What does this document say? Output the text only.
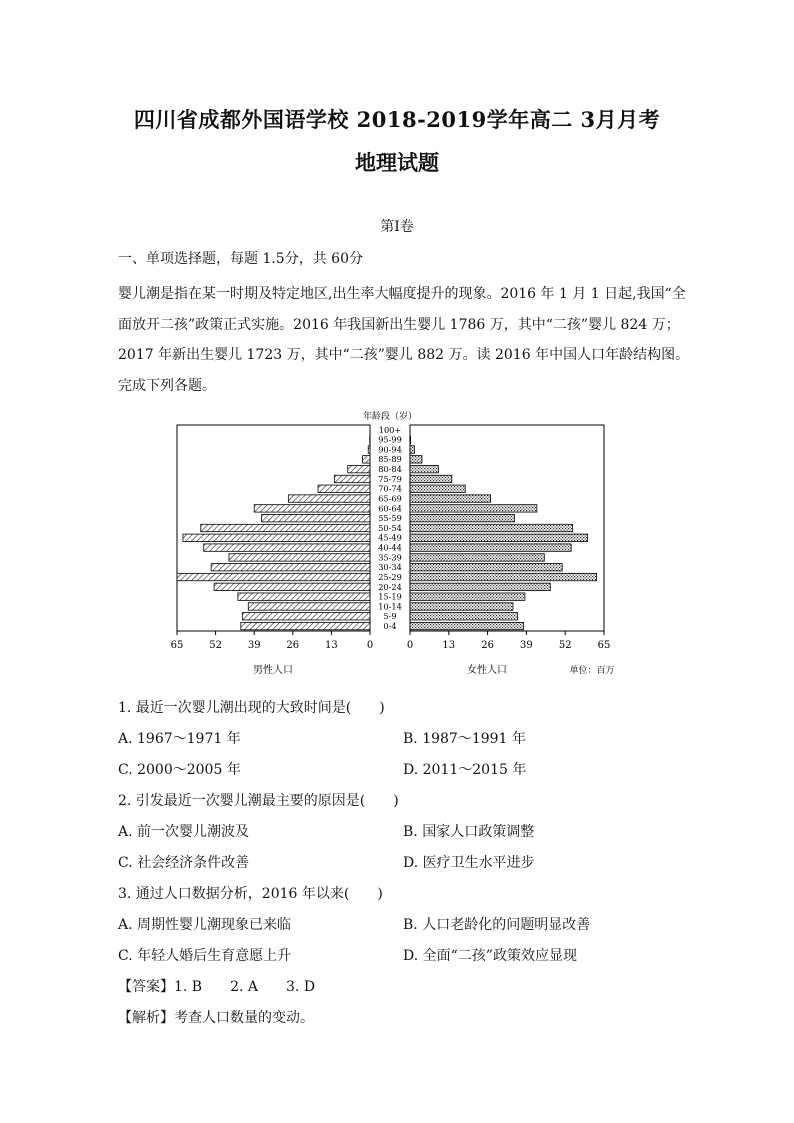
四川省成都外国语学校 2018-2019学年高二 3月月考
地理试题
第I卷
一、单项选择题，每题 1.5分，共 60分
婴儿潮是指在某一时期及特定地区,出生率大幅度提升的现象。2016 年 1 月 1 日起,我国“全
面放开二孩”政策正式实施。2016 年我国新出生婴儿 1786 万，其中“二孩”婴儿 824 万；
2017 年新出生婴儿 1723 万，其中“二孩”婴儿 882 万。读 2016 年中国人口年龄结构图。
完成下列各题。
年龄段（岁）
100+
95-99
90-94
85-89
80-84
75-79
70-74
65-69
60-64
55-59
50-54
45-49
40-44
35-39
30-34
25-29
20-24
15-19
10-14
5-9
0-4
65	65
52	52
39	39
26	26
13	13
0	0
男性人口	女性人口	单位：百万
1. 最近一次婴儿潮出现的大致时间是(　　)
A. 1967～1971 年	B. 1987～1991 年
C. 2000～2005 年	D. 2011～2015 年
2. 引发最近一次婴儿潮最主要的原因是(　　)
A. 前一次婴儿潮波及	B. 国家人口政策调整
C. 社会经济条件改善	D. 医疗卫生水平进步
3. 通过人口数据分析，2016 年以来(　　)
A. 周期性婴儿潮现象已来临	B. 人口老龄化的问题明显改善
C. 年轻人婚后生育意愿上升	D. 全面“二孩”政策效应显现
【答案】1. B　　2. A　　3. D
【解析】考查人口数量的变动。
